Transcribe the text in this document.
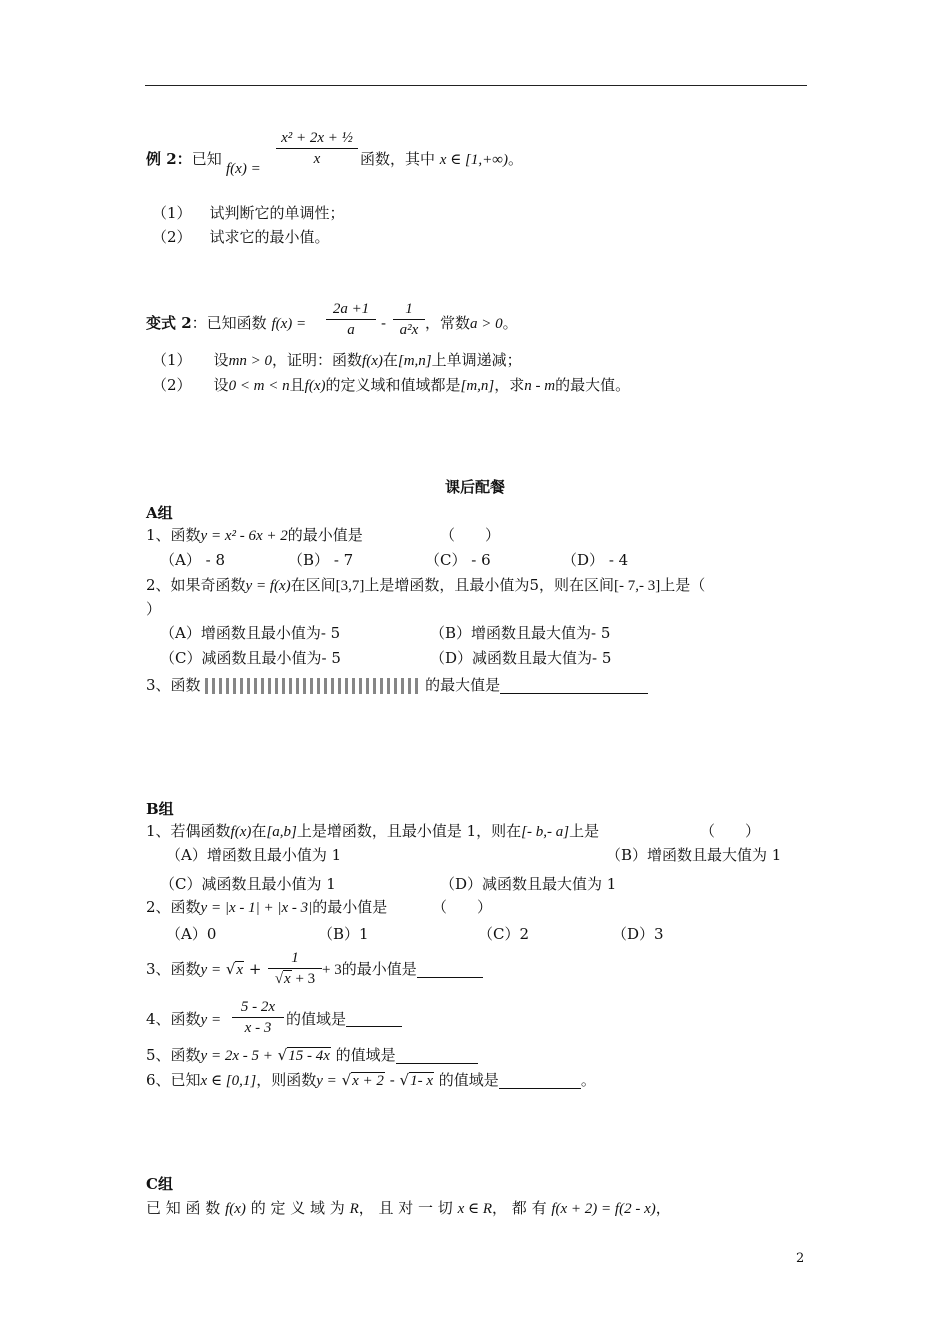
例 2：已知
f(x) =
$\frac{\text{x² + 2x + ½}}{x}$ 函数，其中 x ∈ [1,+∞)。
（1） 试判断它的单调性；
（2） 试求它的最小值。
变式 2：已知函数 $f(x) = \frac{2a +1}{a} - \frac{1}{\text{a²x}}$ ，常数a > 0。
（1） 设mn > 0，证明：函数f(x)在[m,n]上单调递减；
（2） 设0 < m < n且f(x)的定义域和值域都是[m,n]，求n - m的最大值。
课后配餐
A组
1、函数y = x² - 6x + 2的最小值是	（　　）
（A） - 8	（B） - 7	（C） - 6	（D） - 4
2、如果奇函数y = f(x)在区间[3,7]上是增函数，且最小值为5，则在区间[- 7,- 3]上是（
）
（A）增函数且最小值为- 5	（B）增函数且最大值为- 5
（C）减函数且最小值为- 5	（D）减函数且最大值为- 5
3、函数	的最大值是
B组
1、若偶函数f(x)在[a,b]上是增函数，且最小值是 1，则在[- b,- a]上是	（　　）
（A）增函数且最小值为 1	（B）增函数且最大值为 1
（C）减函数且最小值为 1	（D）减函数且最大值为 1
2、函数y = |x - 1| + |x - 3|的最小值是	（　　）
（A）0	（B）1	（C）2	（D）3
3、函数$y = √x + \frac{1}{√x + 3} + 3$的最小值是
4、函数$y = \frac{5 - 2x}{x - 3}$ 的值域是
5、函数y = 2x - 5 + √15 - 4x 的值域是
6、已知x ∈ [0,1]，则函数y = √x + 2 - √1- x 的值域是	。
C组
已 知 函 数 f(x) 的 定 义 域 为 R， 且 对 一 切 x ∈ R， 都 有 f(x + 2) = f(2 - x)，
2
